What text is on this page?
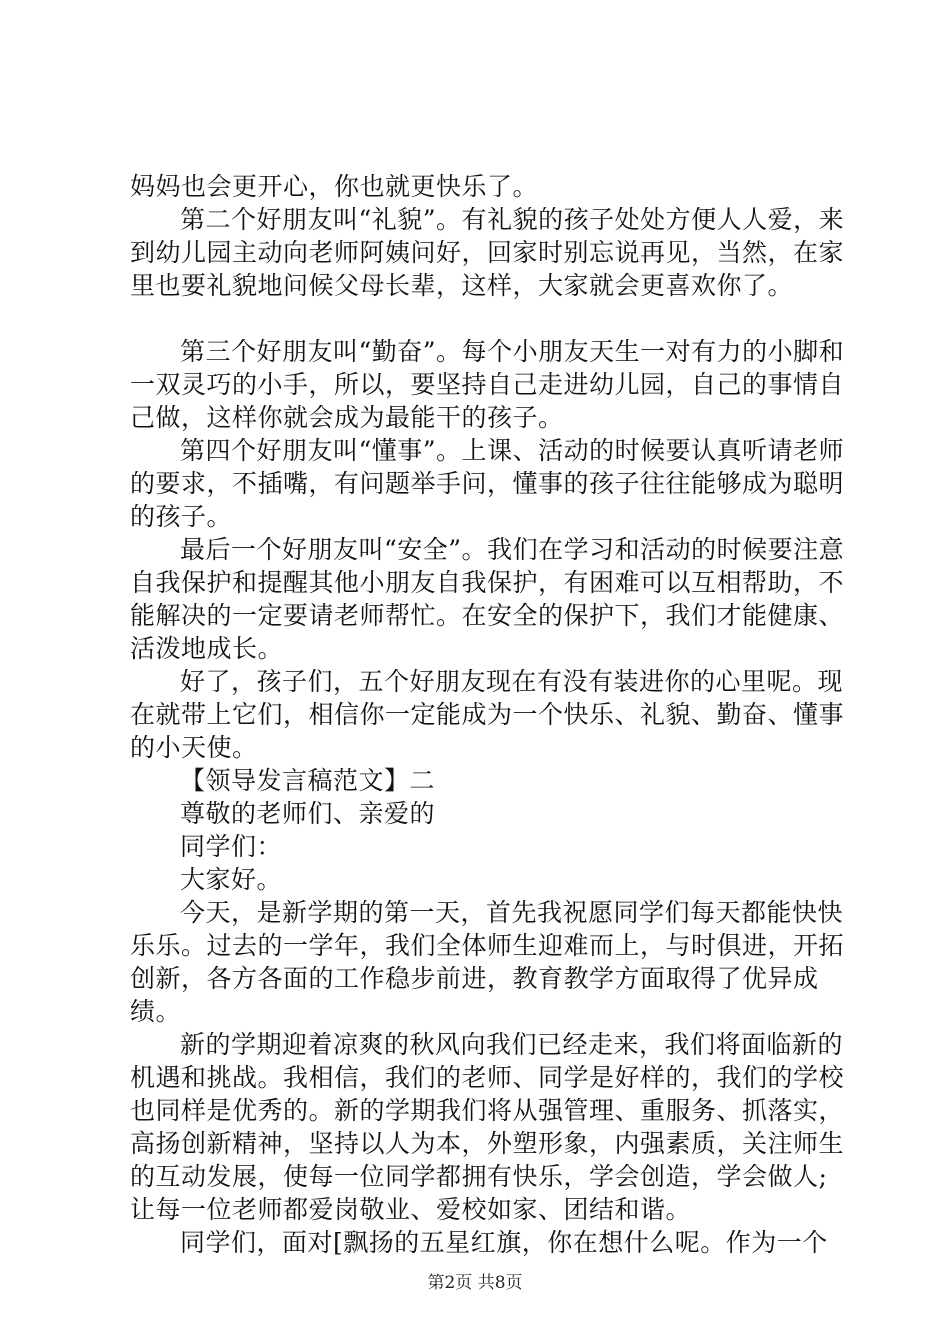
妈妈也会更开心，你也就更快乐了。

第二个好朋友叫“礼貌”。有礼貌的孩子处处方便人人爱，来到幼儿园主动向老师阿姨问好，回家时别忘说再见，当然，在家里也要礼貌地问候父母长辈，这样，大家就会更喜欢你了。

第三个好朋友叫“勤奋”。每个小朋友天生一对有力的小脚和一双灵巧的小手，所以，要坚持自己走进幼儿园，自己的事情自己做，这样你就会成为最能干的孩子。

第四个好朋友叫“懂事”。上课、活动的时候要认真听请老师的要求，不插嘴，有问题举手问，懂事的孩子往往能够成为聪明的孩子。

最后一个好朋友叫“安全”。我们在学习和活动的时候要注意自我保护和提醒其他小朋友自我保护，有困难可以互相帮助，不能解决的一定要请老师帮忙。在安全的保护下，我们才能健康、活泼地成长。

好了，孩子们，五个好朋友现在有没有装进你的心里呢。现在就带上它们，相信你一定能成为一个快乐、礼貌、勤奋、懂事的小天使。

【领导发言稿范文】二

尊敬的老师们、亲爱的

同学们：

大家好。

今天，是新学期的第一天，首先我祝愿同学们每天都能快快乐乐。过去的一学年，我们全体师生迎难而上，与时俱进，开拓创新，各方各面的工作稳步前进，教育教学方面取得了优异成绩。

新的学期迎着凉爽的秋风向我们已经走来，我们将面临新的机遇和挑战。我相信，我们的老师、同学是好样的，我们的学校也同样是优秀的。新的学期我们将从强管理、重服务、抓落实，高扬创新精神，坚持以人为本，外塑形象，内强素质，关注师生的互动发展，使每一位同学都拥有快乐，学会创造，学会做人;让每一位老师都爱岗敬业、爱校如家、团结和谐。

同学们，面对[飘扬的五星红旗，你在想什么呢。作为一个

第2页 共8页
